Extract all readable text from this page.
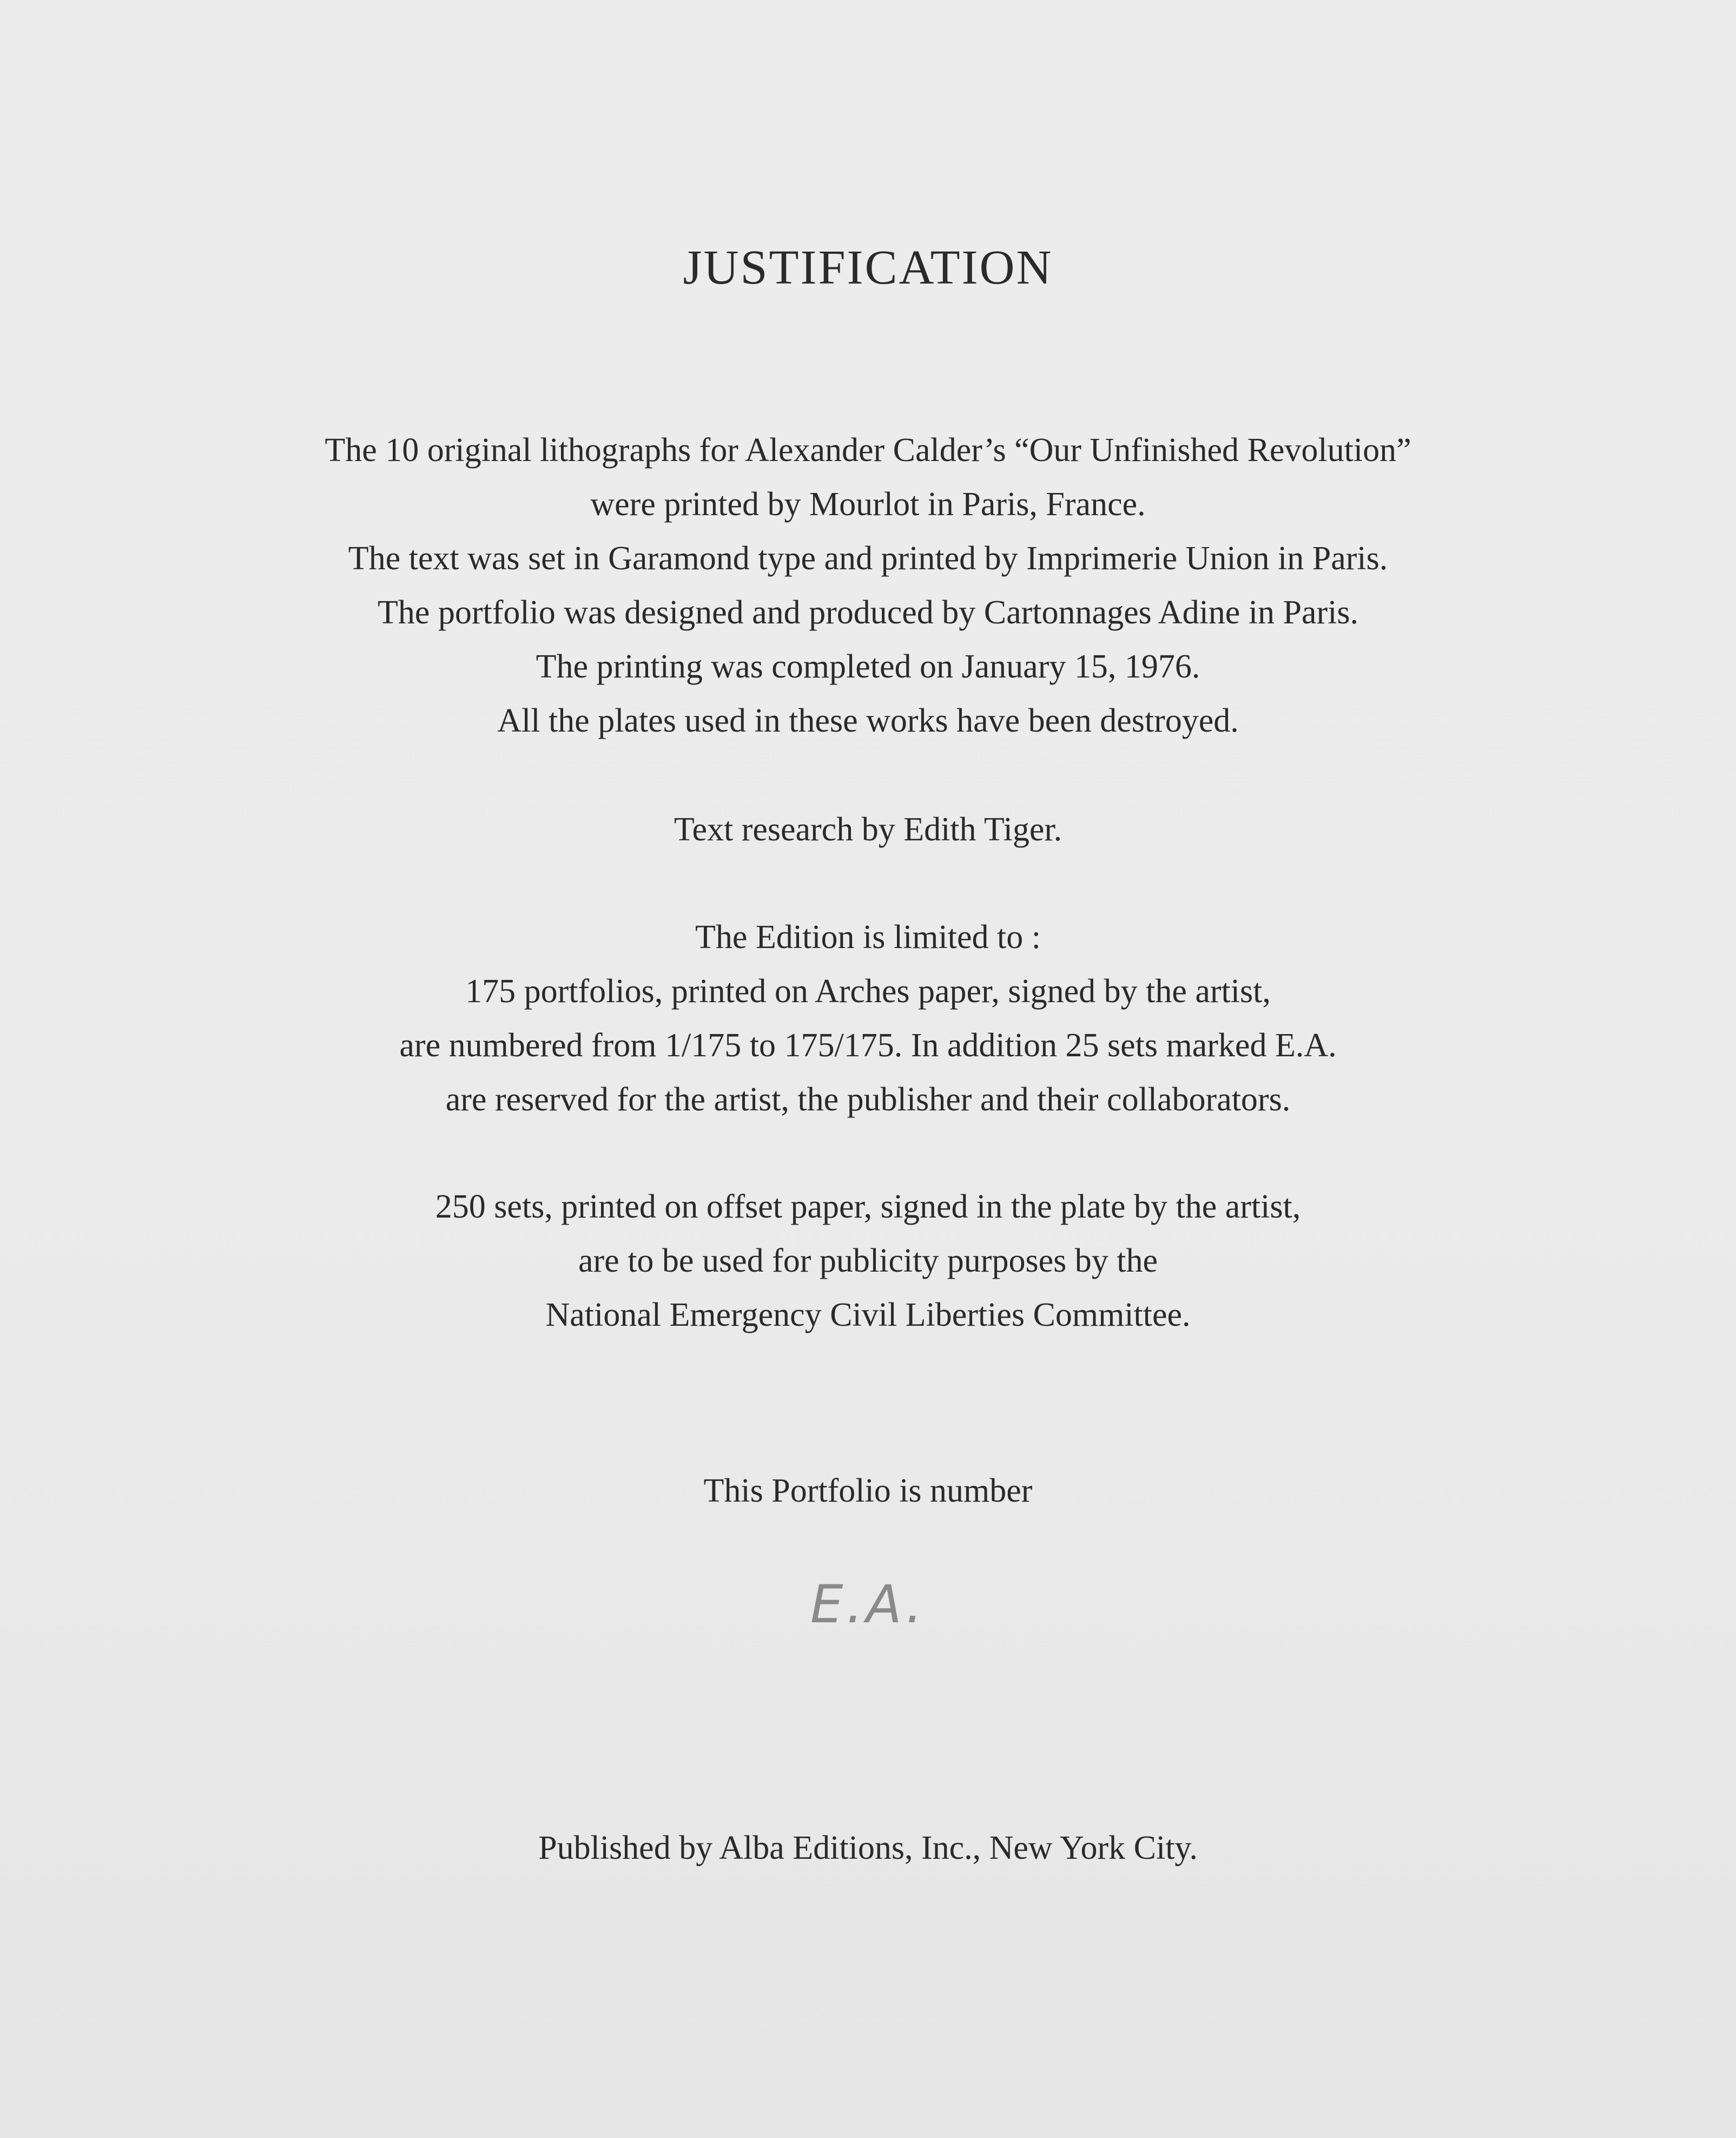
JUSTIFICATION
The 10 original lithographs for Alexander Calder’s “Our Unfinished Revolution”
were printed by Mourlot in Paris, France.
The text was set in Garamond type and printed by Imprimerie Union in Paris.
The portfolio was designed and produced by Cartonnages Adine in Paris.
The printing was completed on January 15, 1976.
All the plates used in these works have been destroyed.
Text research by Edith Tiger.
The Edition is limited to :
175 portfolios, printed on Arches paper, signed by the artist,
are numbered from 1/175 to 175/175. In addition 25 sets marked E.A.
are reserved for the artist, the publisher and their collaborators.
250 sets, printed on offset paper, signed in the plate by the artist,
are to be used for publicity purposes by the
National Emergency Civil Liberties Committee.
This Portfolio is number
E.A.
Published by Alba Editions, Inc., New York City.
